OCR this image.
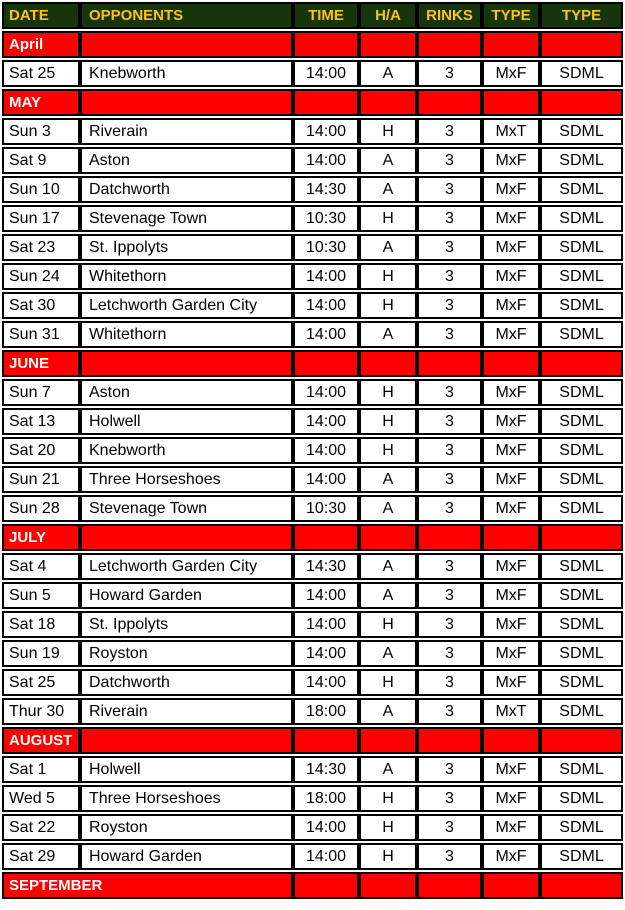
DATE	OPPONENTS	TIME	H/A	RINKS	TYPE	TYPE
April						
Sat 25	Knebworth	14:00	A	3	MxF	SDML
MAY						
Sun 3	Riverain	14:00	H	3	MxT	SDML
Sat 9	Aston	14:00	A	3	MxF	SDML
Sun 10	Datchworth	14:30	A	3	MxF	SDML
Sun 17	Stevenage Town	10:30	H	3	MxF	SDML
Sat 23	St. Ippolyts	10:30	A	3	MxF	SDML
Sun 24	Whitethorn	14:00	H	3	MxF	SDML
Sat 30	Letchworth Garden City	14:00	H	3	MxF	SDML
Sun 31	Whitethorn	14:00	A	3	MxF	SDML
JUNE						
Sun 7	Aston	14:00	H	3	MxF	SDML
Sat 13	Holwell	14:00	H	3	MxF	SDML
Sat 20	Knebworth	14:00	H	3	MxF	SDML
Sun 21	Three Horseshoes	14:00	A	3	MxF	SDML
Sun 28	Stevenage Town	10:30	A	3	MxF	SDML
JULY						
Sat 4	Letchworth Garden City	14:30	A	3	MxF	SDML
Sun 5	Howard Garden	14:00	A	3	MxF	SDML
Sat 18	St. Ippolyts	14:00	H	3	MxF	SDML
Sun 19	Royston	14:00	A	3	MxF	SDML
Sat 25	Datchworth	14:00	H	3	MxF	SDML
Thur 30	Riverain	18:00	A	3	MxT	SDML
AUGUST						
Sat 1	Holwell	14:30	A	3	MxF	SDML
Wed 5	Three Horseshoes	18:00	H	3	MxF	SDML
Sat 22	Royston	14:00	H	3	MxF	SDML
Sat 29	Howard Garden	14:00	H	3	MxF	SDML
SEPTEMBER						
